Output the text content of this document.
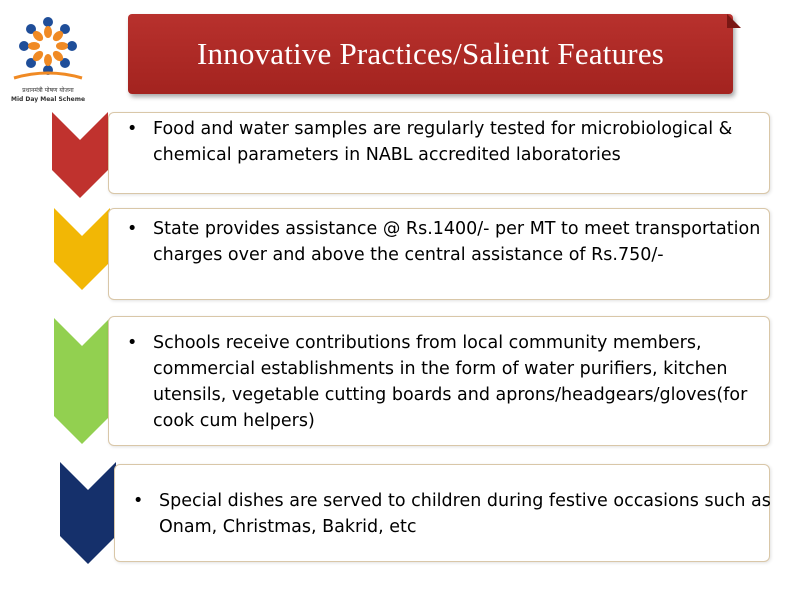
प्रधानमंत्री पोषण योजना
Mid Day Meal Scheme
Innovative Practices/Salient Features
• Food and water samples are regularly tested for microbiological & chemical parameters in NABL accredited laboratories
• State provides assistance @ Rs.1400/- per MT to meet transportation charges over and above the central assistance of Rs.750/-
• Schools receive contributions from local community members, commercial establishments in the form of water purifiers, kitchen utensils, vegetable cutting boards and aprons/headgears/gloves(for cook cum helpers)
• Special dishes are served to children during festive occasions such as Onam, Christmas, Bakrid, etc
